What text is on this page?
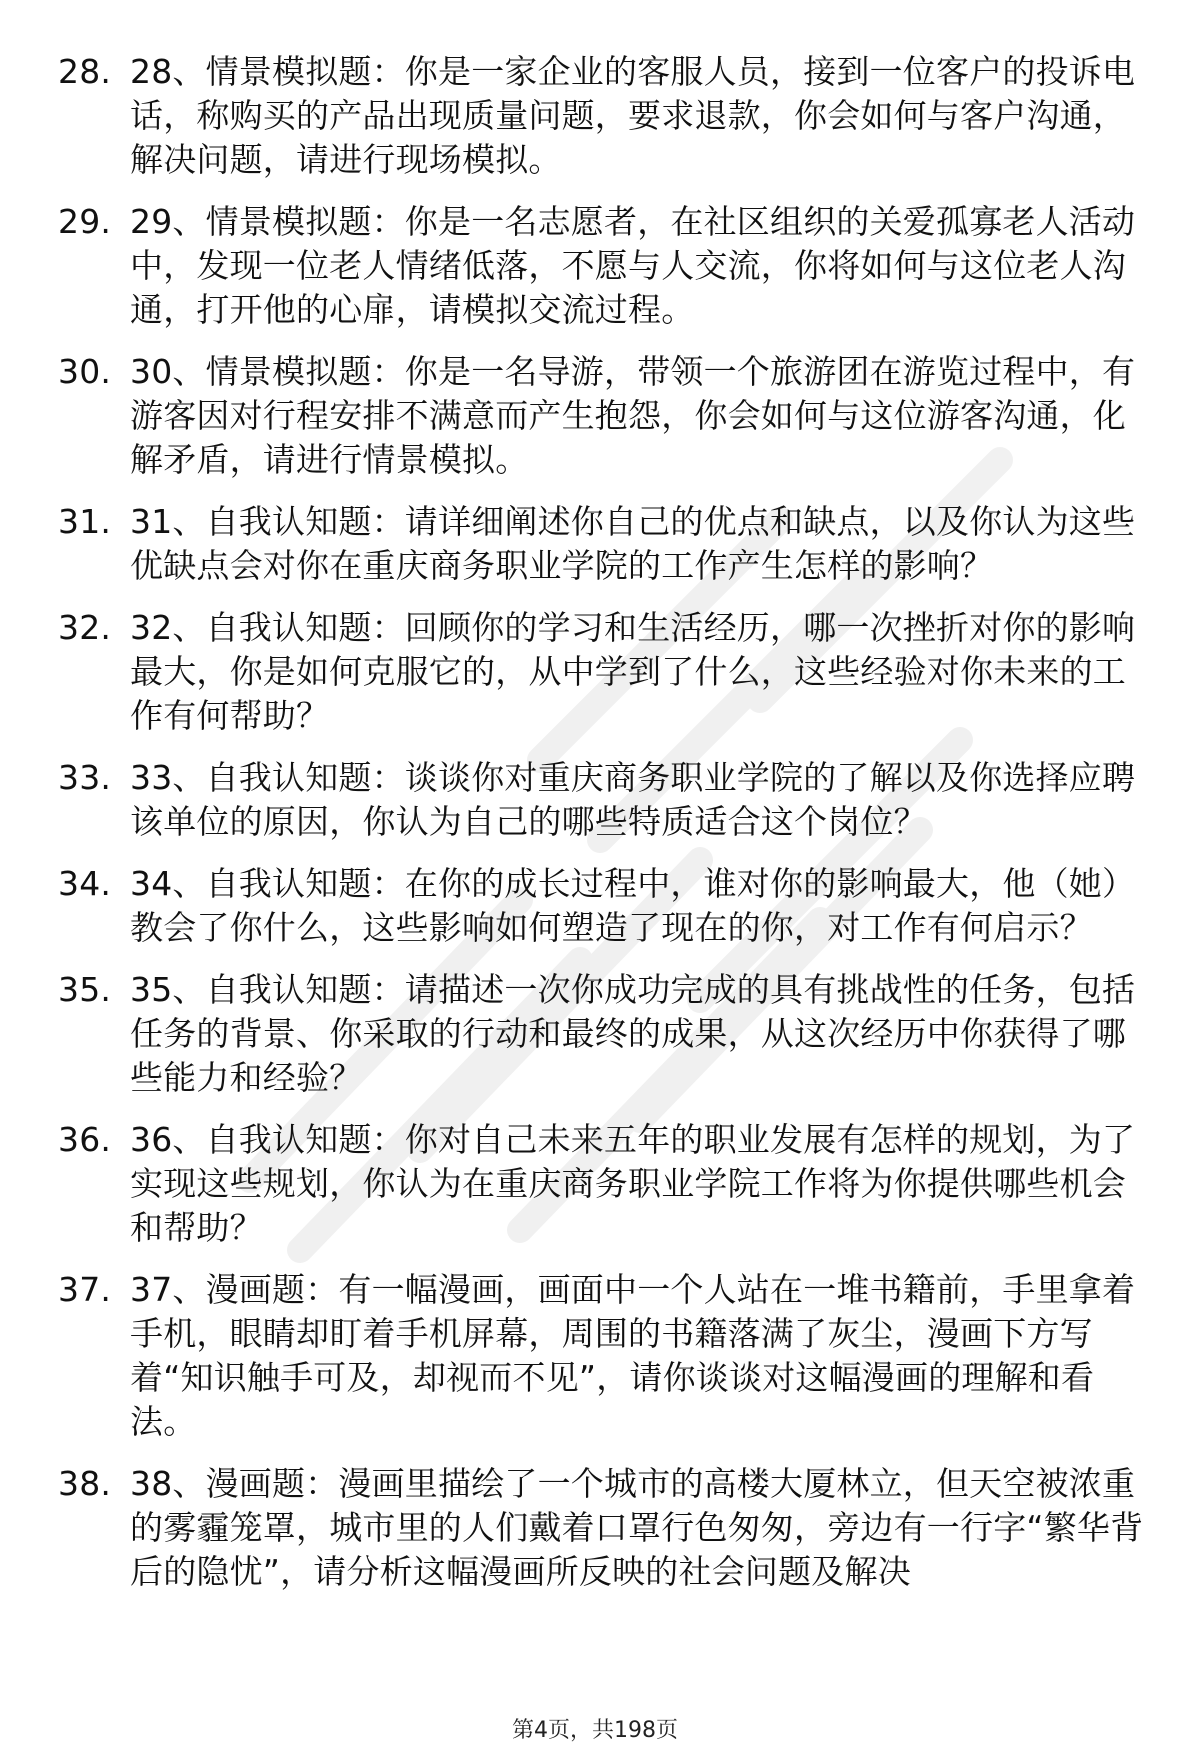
28. 28、情景模拟题：你是一家企业的客服人员，接到一位客户的投诉电话，称购买的产品出现质量问题，要求退款，你会如何与客户沟通，解决问题，请进行现场模拟。
29. 29、情景模拟题：你是一名志愿者，在社区组织的关爱孤寡老人活动中，发现一位老人情绪低落，不愿与人交流，你将如何与这位老人沟通，打开他的心扉，请模拟交流过程。
30. 30、情景模拟题：你是一名导游，带领一个旅游团在游览过程中，有游客因对行程安排不满意而产生抱怨，你会如何与这位游客沟通，化解矛盾，请进行情景模拟。
31. 31、自我认知题：请详细阐述你自己的优点和缺点，以及你认为这些优缺点会对你在重庆商务职业学院的工作产生怎样的影响？
32. 32、自我认知题：回顾你的学习和生活经历，哪一次挫折对你的影响最大，你是如何克服它的，从中学到了什么，这些经验对你未来的工作有何帮助？
33. 33、自我认知题：谈谈你对重庆商务职业学院的了解以及你选择应聘该单位的原因，你认为自己的哪些特质适合这个岗位？
34. 34、自我认知题：在你的成长过程中，谁对你的影响最大，他（她）教会了你什么，这些影响如何塑造了现在的你，对工作有何启示？
35. 35、自我认知题：请描述一次你成功完成的具有挑战性的任务，包括任务的背景、你采取的行动和最终的成果，从这次经历中你获得了哪些能力和经验？
36. 36、自我认知题：你对自己未来五年的职业发展有怎样的规划，为了实现这些规划，你认为在重庆商务职业学院工作将为你提供哪些机会和帮助？
37. 37、漫画题：有一幅漫画，画面中一个人站在一堆书籍前，手里拿着手机，眼睛却盯着手机屏幕，周围的书籍落满了灰尘，漫画下方写着“知识触手可及，却视而不见”，请你谈谈对这幅漫画的理解和看法。
38. 38、漫画题：漫画里描绘了一个城市的高楼大厦林立，但天空被浓重的雾霾笼罩，城市里的人们戴着口罩行色匆匆，旁边有一行字“繁华背后的隐忧”，请分析这幅漫画所反映的社会问题及解决
第4页，共198页
